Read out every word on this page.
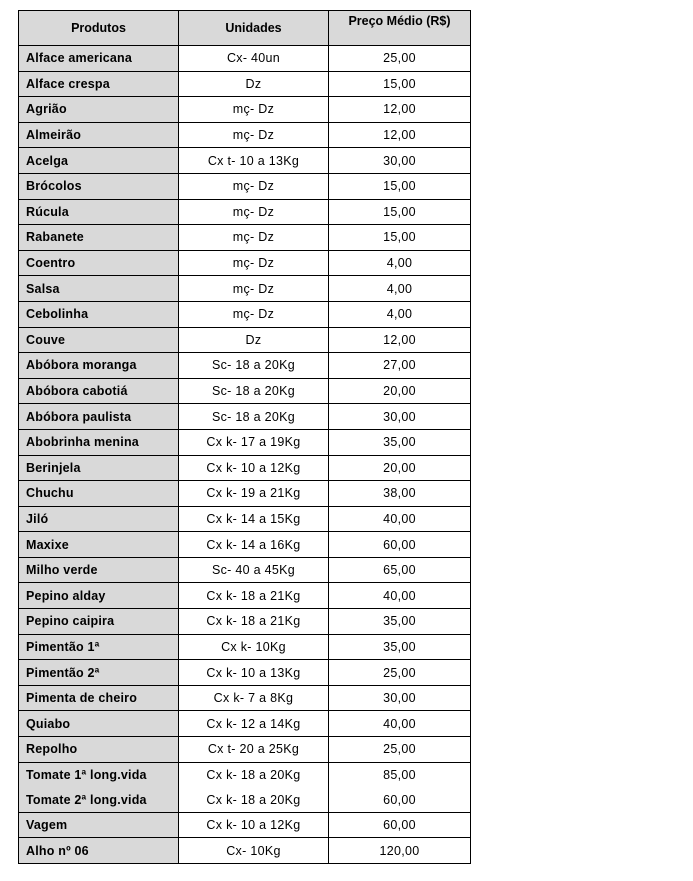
Produtos	Unidades	Preço Médio (R$)
Alface americana	Cx- 40un	25,00
Alface crespa	Dz	15,00
Agrião	mç- Dz	12,00
Almeirão	mç- Dz	12,00
Acelga	Cx t- 10 a 13Kg	30,00
Brócolos	mç- Dz	15,00
Rúcula	mç- Dz	15,00
Rabanete	mç- Dz	15,00
Coentro	mç- Dz	4,00
Salsa	mç- Dz	4,00
Cebolinha	mç- Dz	4,00
Couve	Dz	12,00
Abóbora moranga	Sc- 18 a 20Kg	27,00
Abóbora cabotiá	Sc- 18 a 20Kg	20,00
Abóbora paulista	Sc- 18 a 20Kg	30,00
Abobrinha menina	Cx k- 17 a 19Kg	35,00
Berinjela	Cx k- 10 a 12Kg	20,00
Chuchu	Cx k- 19 a 21Kg	38,00
Jiló	Cx k- 14 a 15Kg	40,00
Maxixe	Cx k- 14 a 16Kg	60,00
Milho verde	Sc- 40 a 45Kg	65,00
Pepino alday	Cx k- 18 a 21Kg	40,00
Pepino caipira	Cx k- 18 a 21Kg	35,00
Pimentão 1ª	Cx k- 10Kg	35,00
Pimentão 2ª	Cx k- 10 a 13Kg	25,00
Pimenta de cheiro	Cx k- 7 a 8Kg	30,00
Quiabo	Cx k- 12 a 14Kg	40,00
Repolho	Cx t- 20 a 25Kg	25,00
Tomate 1ª long.vida	Cx k- 18 a 20Kg	85,00
Tomate 2ª long.vida	Cx k- 18 a 20Kg	60,00
Vagem	Cx k- 10 a 12Kg	60,00
Alho nº 06	Cx- 10Kg	120,00
